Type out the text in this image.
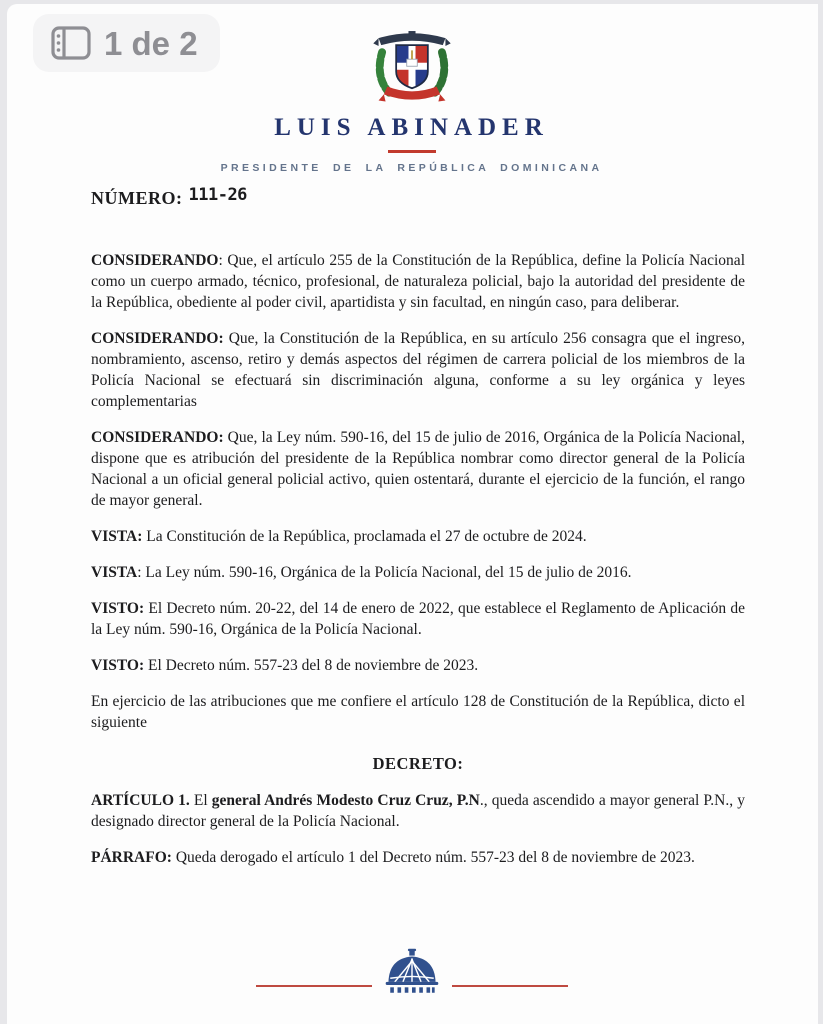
1 de 2
LUIS ABINADER
PRESIDENTE DE LA REPÚBLICA DOMINICANA
NÚMERO: 111-26

CONSIDERANDO: Que, el artículo 255 de la Constitución de la República, define la Policía Nacional como un cuerpo armado, técnico, profesional, de naturaleza policial, bajo la autoridad del presidente de la República, obediente al poder civil, apartidista y sin facultad, en ningún caso, para deliberar.

CONSIDERANDO: Que, la Constitución de la República, en su artículo 256 consagra que el ingreso, nombramiento, ascenso, retiro y demás aspectos del régimen de carrera policial de los miembros de la Policía Nacional se efectuará sin discriminación alguna, conforme a su ley orgánica y leyes complementarias

CONSIDERANDO: Que, la Ley núm. 590-16, del 15 de julio de 2016, Orgánica de la Policía Nacional, dispone que es atribución del presidente de la República nombrar como director general de la Policía Nacional a un oficial general policial activo, quien ostentará, durante el ejercicio de la función, el rango de mayor general.

VISTA: La Constitución de la República, proclamada el 27 de octubre de 2024.

VISTA: La Ley núm. 590-16, Orgánica de la Policía Nacional, del 15 de julio de 2016.

VISTO: El Decreto núm. 20-22, del 14 de enero de 2022, que establece el Reglamento de Aplicación de la Ley núm. 590-16, Orgánica de la Policía Nacional.

VISTO: El Decreto núm. 557-23 del 8 de noviembre de 2023.

En ejercicio de las atribuciones que me confiere el artículo 128 de Constitución de la República, dicto el siguiente

DECRETO:

ARTÍCULO 1. El general Andrés Modesto Cruz Cruz, P.N., queda ascendido a mayor general P.N., y designado director general de la Policía Nacional.

PÁRRAFO: Queda derogado el artículo 1 del Decreto núm. 557-23 del 8 de noviembre de 2023.
